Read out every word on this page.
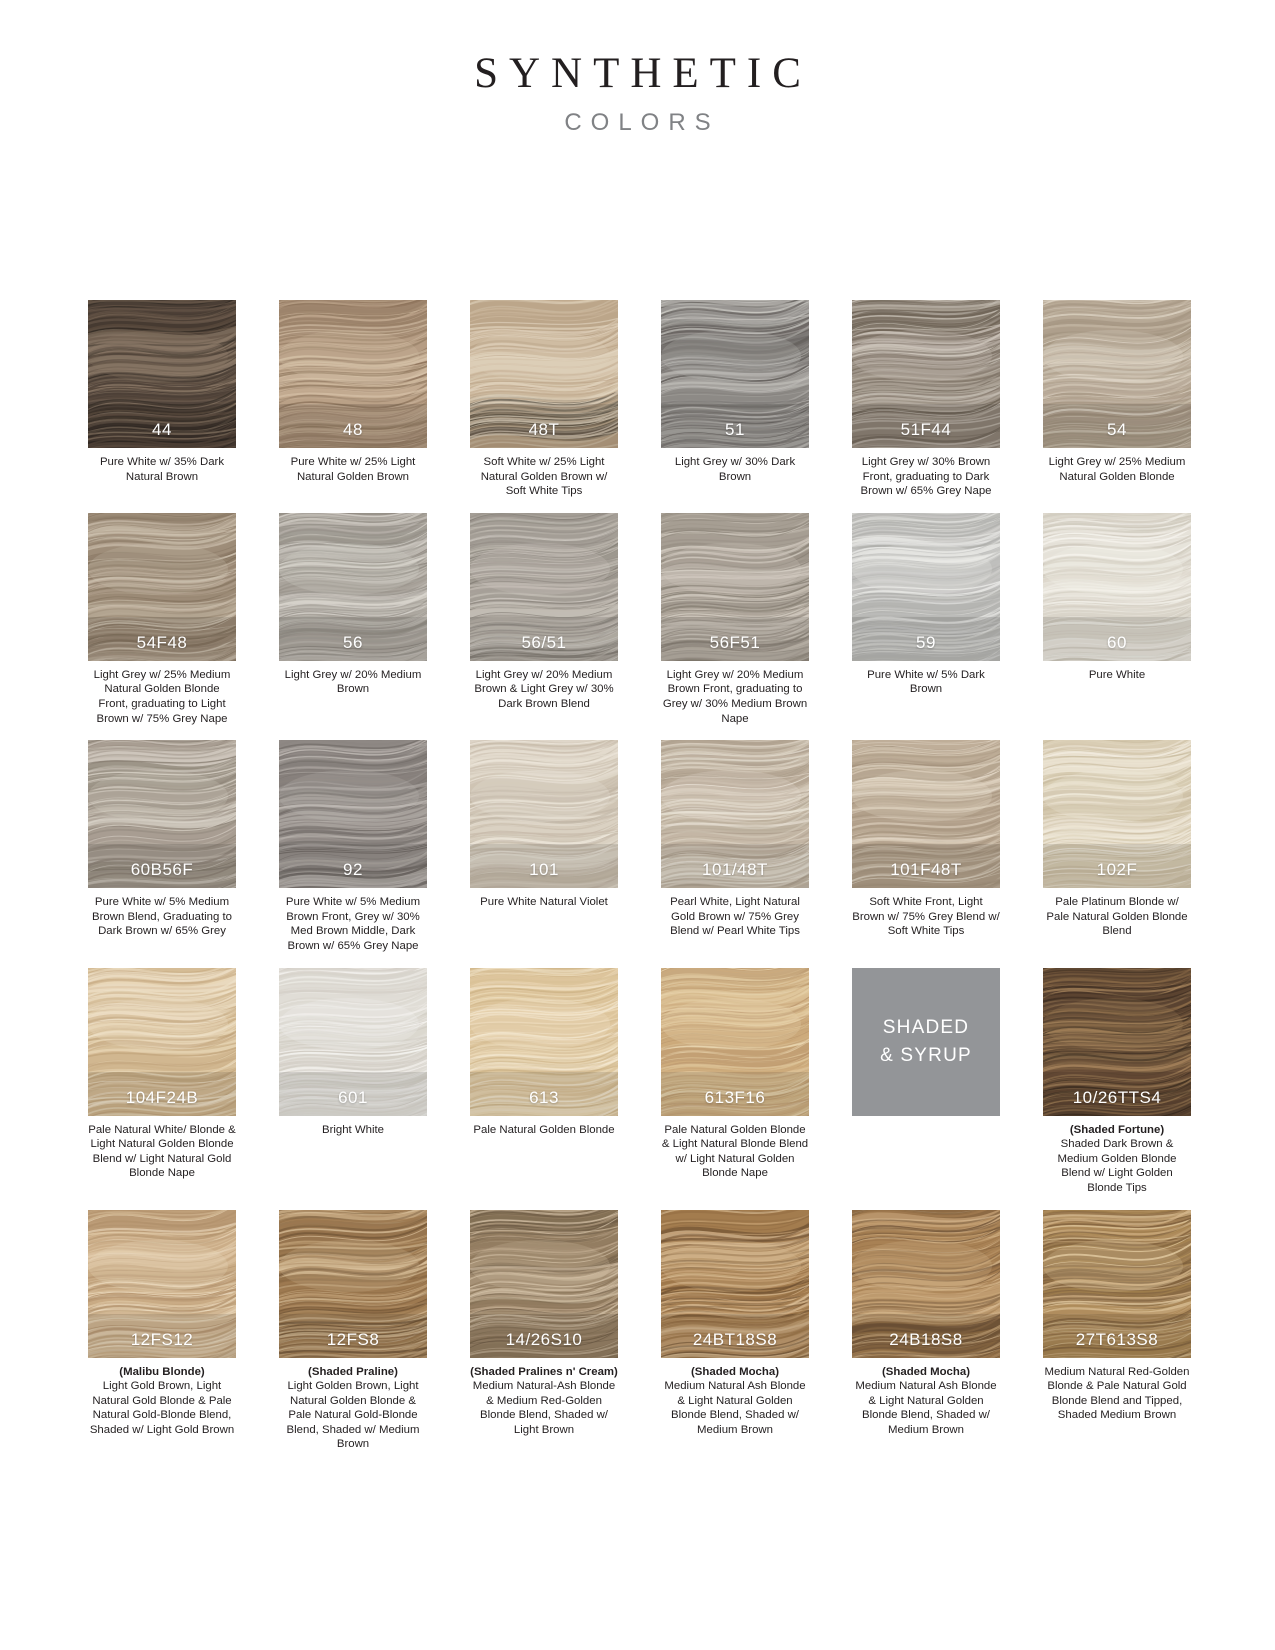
SYNTHETIC
COLORS
44
Pure White w/ 35% Dark Natural Brown
48
Pure White w/ 25% Light Natural Golden Brown
48T
Soft White w/ 25% Light Natural Golden Brown w/ Soft White Tips
51
Light Grey w/ 30% Dark Brown
51F44
Light Grey w/ 30% Brown Front, graduating to Dark Brown w/ 65% Grey Nape
54
Light Grey w/ 25% Medium Natural Golden Blonde
54F48
Light Grey w/ 25% Medium Natural Golden Blonde Front, graduating to Light Brown w/ 75% Grey Nape
56
Light Grey w/ 20% Medium Brown
56/51
Light Grey w/ 20% Medium Brown & Light Grey w/ 30% Dark Brown Blend
56F51
Light Grey w/ 20% Medium Brown Front, graduating to Grey w/ 30% Medium Brown Nape
59
Pure White w/ 5% Dark Brown
60
Pure White
60B56F
Pure White w/ 5% Medium Brown Blend, Graduating to Dark Brown w/ 65% Grey
92
Pure White w/ 5% Medium Brown Front, Grey w/ 30% Med Brown Middle, Dark Brown w/ 65% Grey Nape
101
Pure White Natural Violet
101/48T
Pearl White, Light Natural Gold Brown w/ 75% Grey Blend w/ Pearl White Tips
101F48T
Soft White Front, Light Brown w/ 75% Grey Blend w/ Soft White Tips
102F
Pale Platinum Blonde w/ Pale Natural Golden Blonde Blend
104F24B
Pale Natural White/ Blonde & Light Natural Golden Blonde Blend w/ Light Natural Gold Blonde Nape
601
Bright White
613
Pale Natural Golden Blonde
613F16
Pale Natural Golden Blonde & Light Natural Blonde Blend w/ Light Natural Golden Blonde Nape
SHADED
& SYRUP
10/26TTS4
(Shaded Fortune)
Shaded Dark Brown & Medium Golden Blonde Blend w/ Light Golden Blonde Tips
12FS12
(Malibu Blonde)
Light Gold Brown, Light Natural Gold Blonde & Pale Natural Gold-Blonde Blend, Shaded w/ Light Gold Brown
12FS8
(Shaded Praline)
Light Golden Brown, Light Natural Golden Blonde & Pale Natural Gold-Blonde Blend, Shaded w/ Medium Brown
14/26S10
(Shaded Pralines n' Cream)
Medium Natural-Ash Blonde & Medium Red-Golden Blonde Blend, Shaded w/ Light Brown
24BT18S8
(Shaded Mocha)
Medium Natural Ash Blonde & Light Natural Golden Blonde Blend, Shaded w/ Medium Brown
24B18S8
(Shaded Mocha)
Medium Natural Ash Blonde & Light Natural Golden Blonde Blend, Shaded w/ Medium Brown
27T613S8
Medium Natural Red-Golden Blonde & Pale Natural Gold Blonde Blend and Tipped, Shaded Medium Brown
